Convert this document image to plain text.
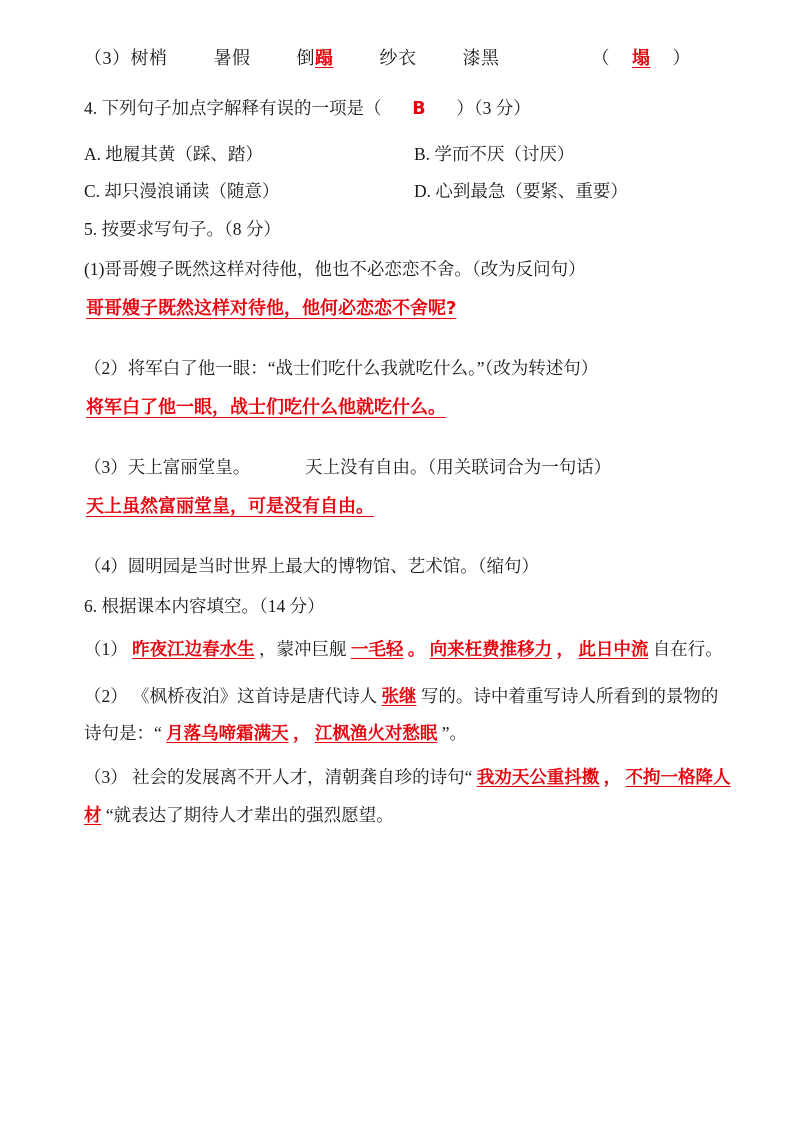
（3） 树梢	暑假	倒 蹋	纱衣	漆黑	（ 塌 ）
4. 下列句子加点字解释有误的一项是（ B ）（3 分）
A. 地履其黄（踩、踏）	B. 学而不厌（讨厌）
C. 却只漫浪诵读（随意）	D. 心到最急（要紧、重要）
5. 按要求写句子。（8 分）
(1)哥哥嫂子既然这样对待他，他也不必恋恋不舍。（改为反问句）
哥哥嫂子既然这样对待他，他何必恋恋不舍呢?
（2）将军白了他一眼：“战士们吃什么我就吃什么。”（改为转述句）
将军白了他一眼，战士们吃什么他就吃什么。
（3）天上富丽堂皇。	天上没有自由。（用关联词合为一句话）
天上虽然富丽堂皇，可是没有自由。
（4）圆明园是当时世界上最大的博物馆、艺术馆。（缩句）
6. 根据课本内容填空。（14 分）
（1） 昨夜江边春水生 ，蒙冲巨舰 一毛轻 。 向来枉费推移力 ， 此日中流 自在行。
（2） 《枫桥夜泊》这首诗是唐代诗人 张继 写的。诗中着重写诗人所看到的景物的诗句是：“ 月落乌啼霜满天 ， 江枫渔火对愁眠 ”。
（3） 社会的发展离不开人才，清朝龚自珍的诗句“ 我劝天公重抖擞 ， 不拘一格降人材 “就表达了期待人才辈出的强烈愿望。
